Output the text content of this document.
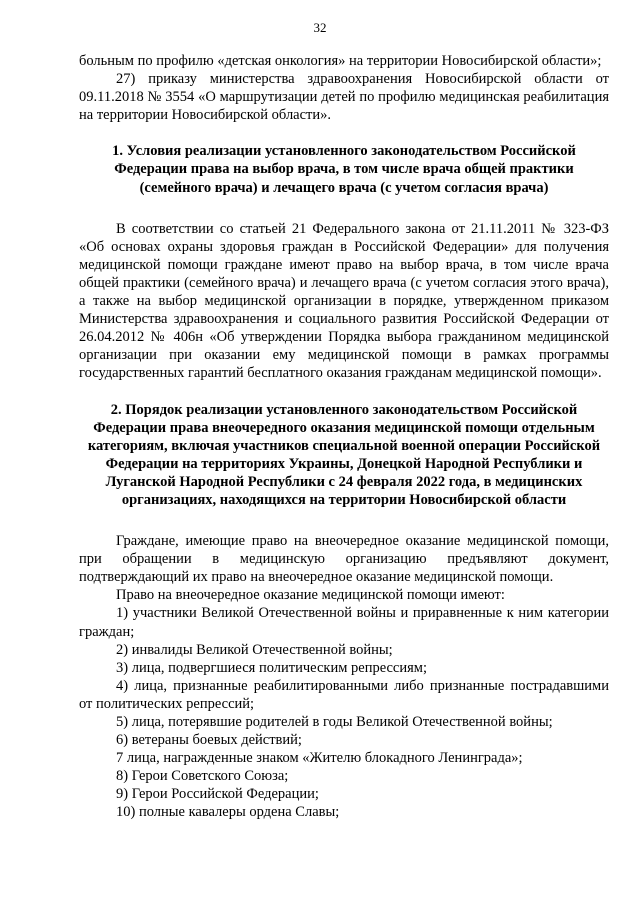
32

больным по профилю «детская онкология» на территории Новосибирской области»;

27) приказу министерства здравоохранения Новосибирской области от 09.11.2018 № 3554 «О маршрутизации детей по профилю медицинская реабилитация на территории Новосибирской области».

1. Условия реализации установленного законодательством Российской Федерации права на выбор врача, в том числе врача общей практики (семейного врача) и лечащего врача (с учетом согласия врача)

В соответствии со статьей 21 Федерального закона от 21.11.2011 № 323-ФЗ «Об основах охраны здоровья граждан в Российской Федерации» для получения медицинской помощи граждане имеют право на выбор врача, в том числе врача общей практики (семейного врача) и лечащего врача (с учетом согласия этого врача), а также на выбор медицинской организации в порядке, утвержденном приказом Министерства здравоохранения и социального развития Российской Федерации от 26.04.2012 № 406н «Об утверждении Порядка выбора гражданином медицинской организации при оказании ему медицинской помощи в рамках программы государственных гарантий бесплатного оказания гражданам медицинской помощи».

2. Порядок реализации установленного законодательством Российской Федерации права внеочередного оказания медицинской помощи отдельным категориям, включая участников специальной военной операции Российской Федерации на территориях Украины, Донецкой Народной Республики и Луганской Народной Республики с 24 февраля 2022 года, в медицинских организациях, находящихся на территории Новосибирской области

Граждане, имеющие право на внеочередное оказание медицинской помощи, при обращении в медицинскую организацию предъявляют документ, подтверждающий их право на внеочередное оказание медицинской помощи.

Право на внеочередное оказание медицинской помощи имеют:

1) участники Великой Отечественной войны и приравненные к ним категории граждан;

2) инвалиды Великой Отечественной войны;

3) лица, подвергшиеся политическим репрессиям;

4) лица, признанные реабилитированными либо признанные пострадавшими от политических репрессий;

5) лица, потерявшие родителей в годы Великой Отечественной войны;

6) ветераны боевых действий;

7 лица, награжденные знаком «Жителю блокадного Ленинграда»;

8) Герои Советского Союза;

9) Герои Российской Федерации;

10) полные кавалеры ордена Славы;
